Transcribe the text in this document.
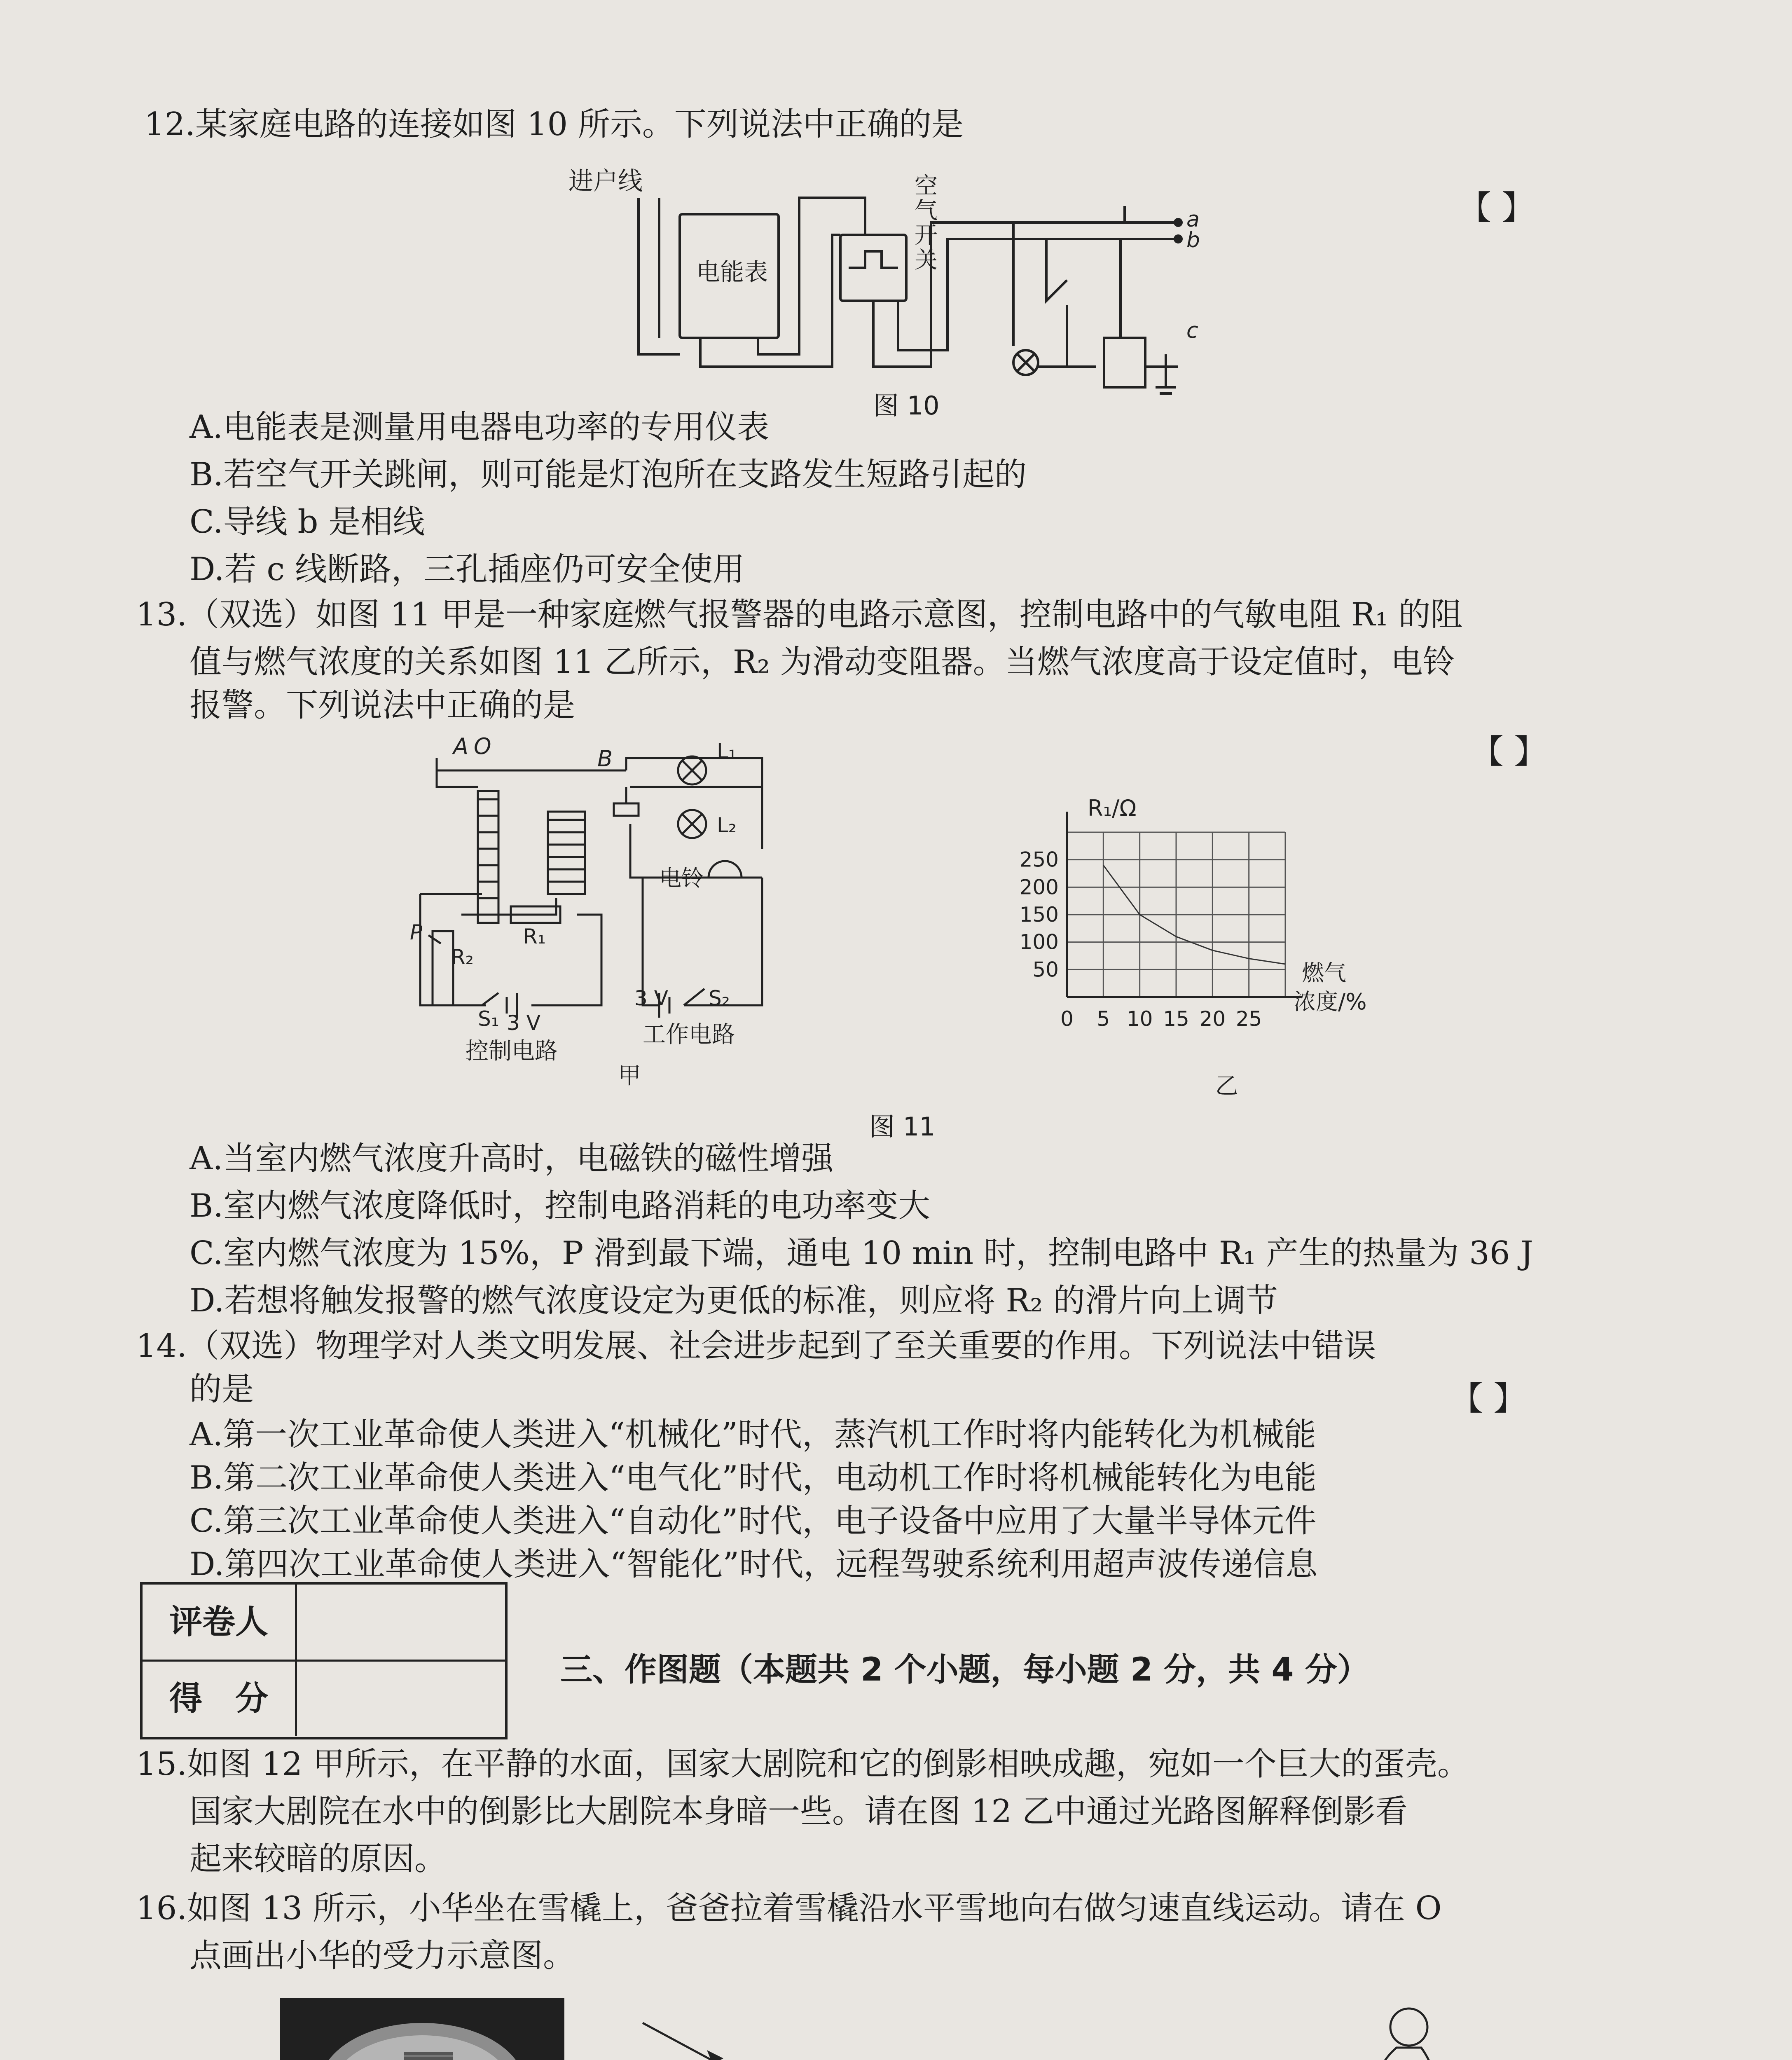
12.某家庭电路的连接如图 10 所示。下列说法中正确的是
【 】
进户线
电能表
空
气
开
关
a
b
c
图 10
A.电能表是测量用电器电功率的专用仪表
B.若空气开关跳闸，则可能是灯泡所在支路发生短路引起的
C.导线 b 是相线
D.若 c 线断路，三孔插座仍可安全使用
13.（双选）如图 11 甲是一种家庭燃气报警器的电路示意图，控制电路中的气敏电阻 R₁ 的阻
值与燃气浓度的关系如图 11 乙所示，R₂ 为滑动变阻器。当燃气浓度高于设定值时，电铃
报警。下列说法中正确的是
【 】
A O	B	L₁
L₂
电铃
P
R₂
R₁
S₁ 3 V
3 V S₂
控制电路
工作电路
甲
0 5 10 15 20 25
50
100
150
200
250
R₁/Ω
燃气
浓度/%
乙
图 11
A.当室内燃气浓度升高时，电磁铁的磁性增强
B.室内燃气浓度降低时，控制电路消耗的电功率变大
C.室内燃气浓度为 15%，P 滑到最下端，通电 10 min 时，控制电路中 R₁ 产生的热量为 36 J
D.若想将触发报警的燃气浓度设定为更低的标准，则应将 R₂ 的滑片向上调节
14.（双选）物理学对人类文明发展、社会进步起到了至关重要的作用。下列说法中错误
的是	【 】
A.第一次工业革命使人类进入“机械化”时代，蒸汽机工作时将内能转化为机械能
B.第二次工业革命使人类进入“电气化”时代，电动机工作时将机械能转化为电能
C.第三次工业革命使人类进入“自动化”时代，电子设备中应用了大量半导体元件
D.第四次工业革命使人类进入“智能化”时代，远程驾驶系统利用超声波传递信息
评卷人
得　分
三、作图题（本题共 2 个小题，每小题 2 分，共 4 分）
15.如图 12 甲所示，在平静的水面，国家大剧院和它的倒影相映成趣，宛如一个巨大的蛋壳。
国家大剧院在水中的倒影比大剧院本身暗一些。请在图 12 乙中通过光路图解释倒影看
起来较暗的原因。
16.如图 13 所示，小华坐在雪橇上，爸爸拉着雪橇沿水平雪地向右做匀速直线运动。请在 O
点画出小华的受力示意图。
